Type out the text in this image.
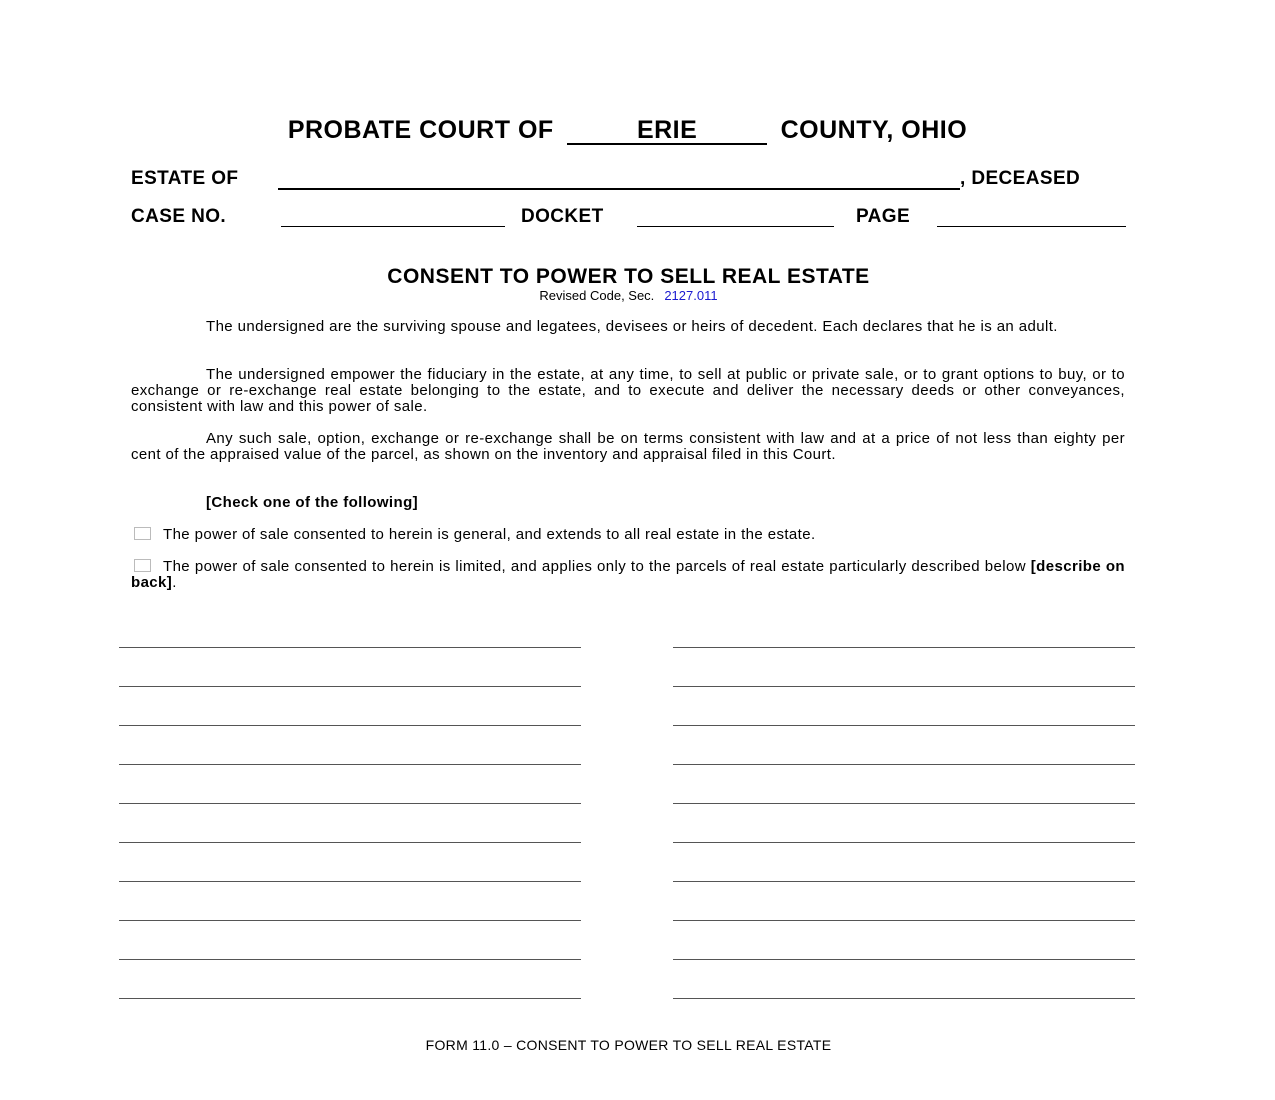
PROBATE COURT OF	ERIE	COUNTY, OHIO
ESTATE OF	, DECEASED
CASE NO.	DOCKET	PAGE
CONSENT TO POWER TO SELL REAL ESTATE
Revised Code, Sec. 2127.011
The undersigned are the surviving spouse and legatees, devisees or heirs of decedent. Each declares that he is an adult.
The undersigned empower the fiduciary in the estate, at any time, to sell at public or private sale, or to grant options to buy, or to exchange or re-exchange real estate belonging to the estate, and to execute and deliver the necessary deeds or other conveyances, consistent with law and this power of sale.
Any such sale, option, exchange or re-exchange shall be on terms consistent with law and at a price of not less than eighty per cent of the appraised value of the parcel, as shown on the inventory and appraisal filed in this Court.
[Check one of the following]
The power of sale consented to herein is general, and extends to all real estate in the estate.
The power of sale consented to herein is limited, and applies only to the parcels of real estate particularly described below [describe on back].
FORM 11.0 – CONSENT TO POWER TO SELL REAL ESTATE
